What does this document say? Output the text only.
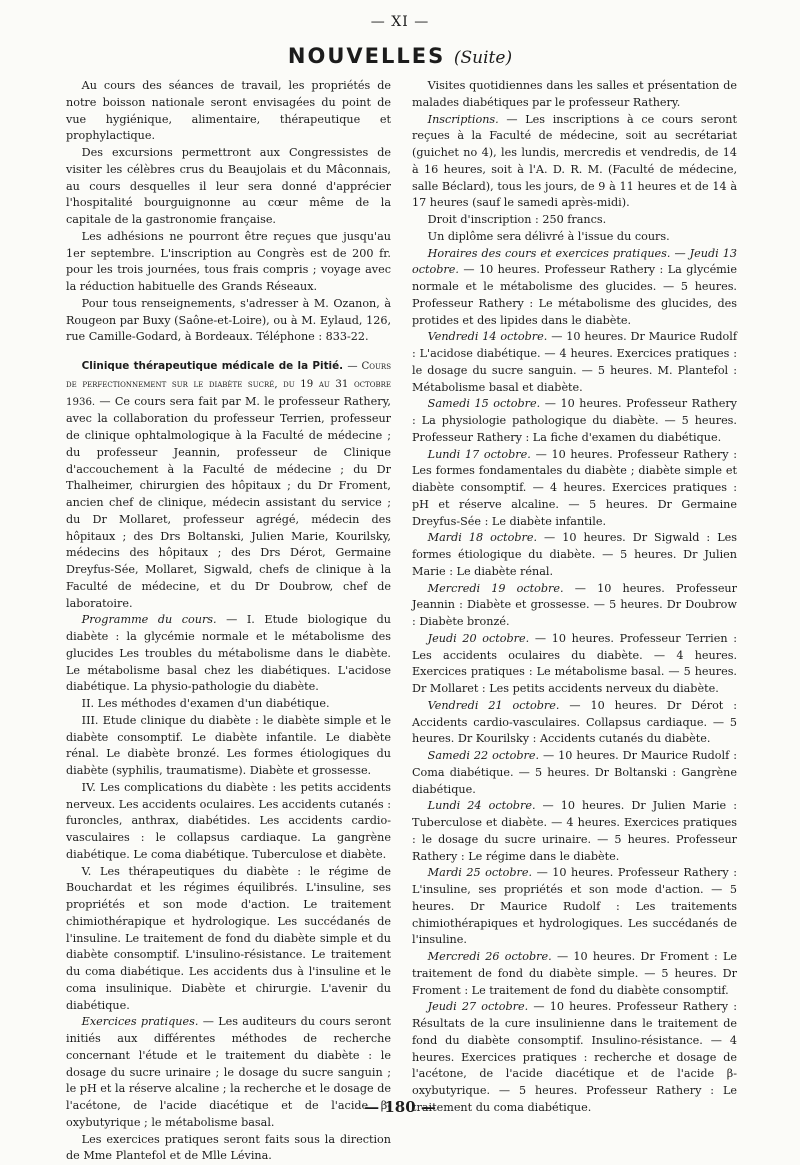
— XI —
NOUVELLES (Suite)

Au cours des séances de travail, les propriétés de notre boisson nationale seront envisagées du point de vue hygiénique, alimentaire, thérapeutique et prophylactique.

Des excursions permettront aux Congressistes de visiter les célèbres crus du Beaujolais et du Mâconnais, au cours desquelles il leur sera donné d'apprécier l'hospitalité bourguignonne au cœur même de la capitale de la gastronomie française.

Les adhésions ne pourront être reçues que jusqu'au 1er septembre. L'inscription au Congrès est de 200 fr. pour les trois journées, tous frais compris ; voyage avec la réduction habituelle des Grands Réseaux.

Pour tous renseignements, s'adresser à M. Ozanon, à Rougeon par Buxy (Saône-et-Loire), ou à M. Eylaud, 126, rue Camille-Godard, à Bordeaux. Téléphone : 833-22.

Clinique thérapeutique médicale de la Pitié. — Cours de perfectionnement sur le diabète sucré, du 19 au 31 octobre 1936. — Ce cours sera fait par M. le professeur Rathery, avec la collaboration du professeur Terrien, professeur de clinique ophtalmologique à la Faculté de médecine ; du professeur Jeannin, professeur de Clinique d'accouchement à la Faculté de médecine ; du Dr Thalheimer, chirurgien des hôpitaux ; du Dr Froment, ancien chef de clinique, médecin assistant du service ; du Dr Mollaret, professeur agrégé, médecin des hôpitaux ; des Drs Boltanski, Julien Marie, Kourilsky, médecins des hôpitaux ; des Drs Dérot, Germaine Dreyfus-Sée, Mollaret, Sigwald, chefs de clinique à la Faculté de médecine, et du Dr Doubrow, chef de laboratoire.

Programme du cours. — I. Etude biologique du diabète : la glycémie normale et le métabolisme des glucides Les troubles du métabolisme dans le diabète. Le métabolisme basal chez les diabétiques. L'acidose diabétique. La physio-pathologie du diabète.

II. Les méthodes d'examen d'un diabétique.

III. Etude clinique du diabète : le diabète simple et le diabète consomptif. Le diabète infantile. Le diabète rénal. Le diabète bronzé. Les formes étiologiques du diabète (syphilis, traumatisme). Diabète et grossesse.

IV. Les complications du diabète : les petits accidents nerveux. Les accidents oculaires. Les accidents cutanés : furoncles, anthrax, diabétides. Les accidents cardio-vasculaires : le collapsus cardiaque. La gangrène diabétique. Le coma diabétique. Tuberculose et diabète.

V. Les thérapeutiques du diabète : le régime de Bouchardat et les régimes équilibrés. L'insuline, ses propriétés et son mode d'action. Le traitement chimiothérapique et hydrologique. Les succédanés de l'insuline. Le traitement de fond du diabète simple et du diabète consomptif. L'insulino-résistance. Le traitement du coma diabétique. Les accidents dus à l'insuline et le coma insulinique. Diabète et chirurgie. L'avenir du diabétique.

Exercices pratiques. — Les auditeurs du cours seront initiés aux différentes méthodes de recherche concernant l'étude et le traitement du diabète : le dosage du sucre urinaire ; le dosage du sucre sanguin ; le pH et la réserve alcaline ; la recherche et le dosage de l'acétone, de l'acide diacétique et de l'acide β-oxybutyrique ; le métabolisme basal.

Les exercices pratiques seront faits sous la direction de Mme Plantefol et de Mlle Lévina.

Visites quotidiennes dans les salles et présentation de malades diabétiques par le professeur Rathery.

Inscriptions. — Les inscriptions à ce cours seront reçues à la Faculté de médecine, soit au secrétariat (guichet no 4), les lundis, mercredis et vendredis, de 14 à 16 heures, soit à l'A. D. R. M. (Faculté de médecine, salle Béclard), tous les jours, de 9 à 11 heures et de 14 à 17 heures (sauf le samedi après-midi).

Droit d'inscription : 250 francs.

Un diplôme sera délivré à l'issue du cours.

Horaires des cours et exercices pratiques. — Jeudi 13 octobre. — 10 heures. Professeur Rathery : La glycémie normale et le métabolisme des glucides. — 5 heures. Professeur Rathery : Le métabolisme des glucides, des protides et des lipides dans le diabète.

Vendredi 14 octobre. — 10 heures. Dr Maurice Rudolf : L'acidose diabétique. — 4 heures. Exercices pratiques : le dosage du sucre sanguin. — 5 heures. M. Plantefol : Métabolisme basal et diabète.

Samedi 15 octobre. — 10 heures. Professeur Rathery : La physiologie pathologique du diabète. — 5 heures. Professeur Rathery : La fiche d'examen du diabétique.

Lundi 17 octobre. — 10 heures. Professeur Rathery : Les formes fondamentales du diabète ; diabète simple et diabète consomptif. — 4 heures. Exercices pratiques : pH et réserve alcaline. — 5 heures. Dr Germaine Dreyfus-Sée : Le diabète infantile.

Mardi 18 octobre. — 10 heures. Dr Sigwald : Les formes étiologique du diabète. — 5 heures. Dr Julien Marie : Le diabète rénal.

Mercredi 19 octobre. — 10 heures. Professeur Jeannin : Diabète et grossesse. — 5 heures. Dr Doubrow : Diabète bronzé.

Jeudi 20 octobre. — 10 heures. Professeur Terrien : Les accidents oculaires du diabète. — 4 heures. Exercices pratiques : Le métabolisme basal. — 5 heures. Dr Mollaret : Les petits accidents nerveux du diabète.

Vendredi 21 octobre. — 10 heures. Dr Dérot : Accidents cardio-vasculaires. Collapsus cardiaque. — 5 heures. Dr Kourilsky : Accidents cutanés du diabète.

Samedi 22 octobre. — 10 heures. Dr Maurice Rudolf : Coma diabétique. — 5 heures. Dr Boltanski : Gangrène diabétique.

Lundi 24 octobre. — 10 heures. Dr Julien Marie : Tuberculose et diabète. — 4 heures. Exercices pratiques : le dosage du sucre urinaire. — 5 heures. Professeur Rathery : Le régime dans le diabète.

Mardi 25 octobre. — 10 heures. Professeur Rathery : L'insuline, ses propriétés et son mode d'action. — 5 heures. Dr Maurice Rudolf : Les traitements chimiothérapiques et hydrologiques. Les succédanés de l'insuline.

Mercredi 26 octobre. — 10 heures. Dr Froment : Le traitement de fond du diabète simple. — 5 heures. Dr Froment : Le traitement de fond du diabète consomptif.

Jeudi 27 octobre. — 10 heures. Professeur Rathery : Résultats de la cure insulinienne dans le traitement de fond du diabète consomptif. Insulino-résistance. — 4 heures. Exercices pratiques : recherche et dosage de l'acétone, de l'acide diacétique et de l'acide β-oxybutyrique. — 5 heures. Professeur Rathery : Le traitement du coma diabétique.

— 180 —
